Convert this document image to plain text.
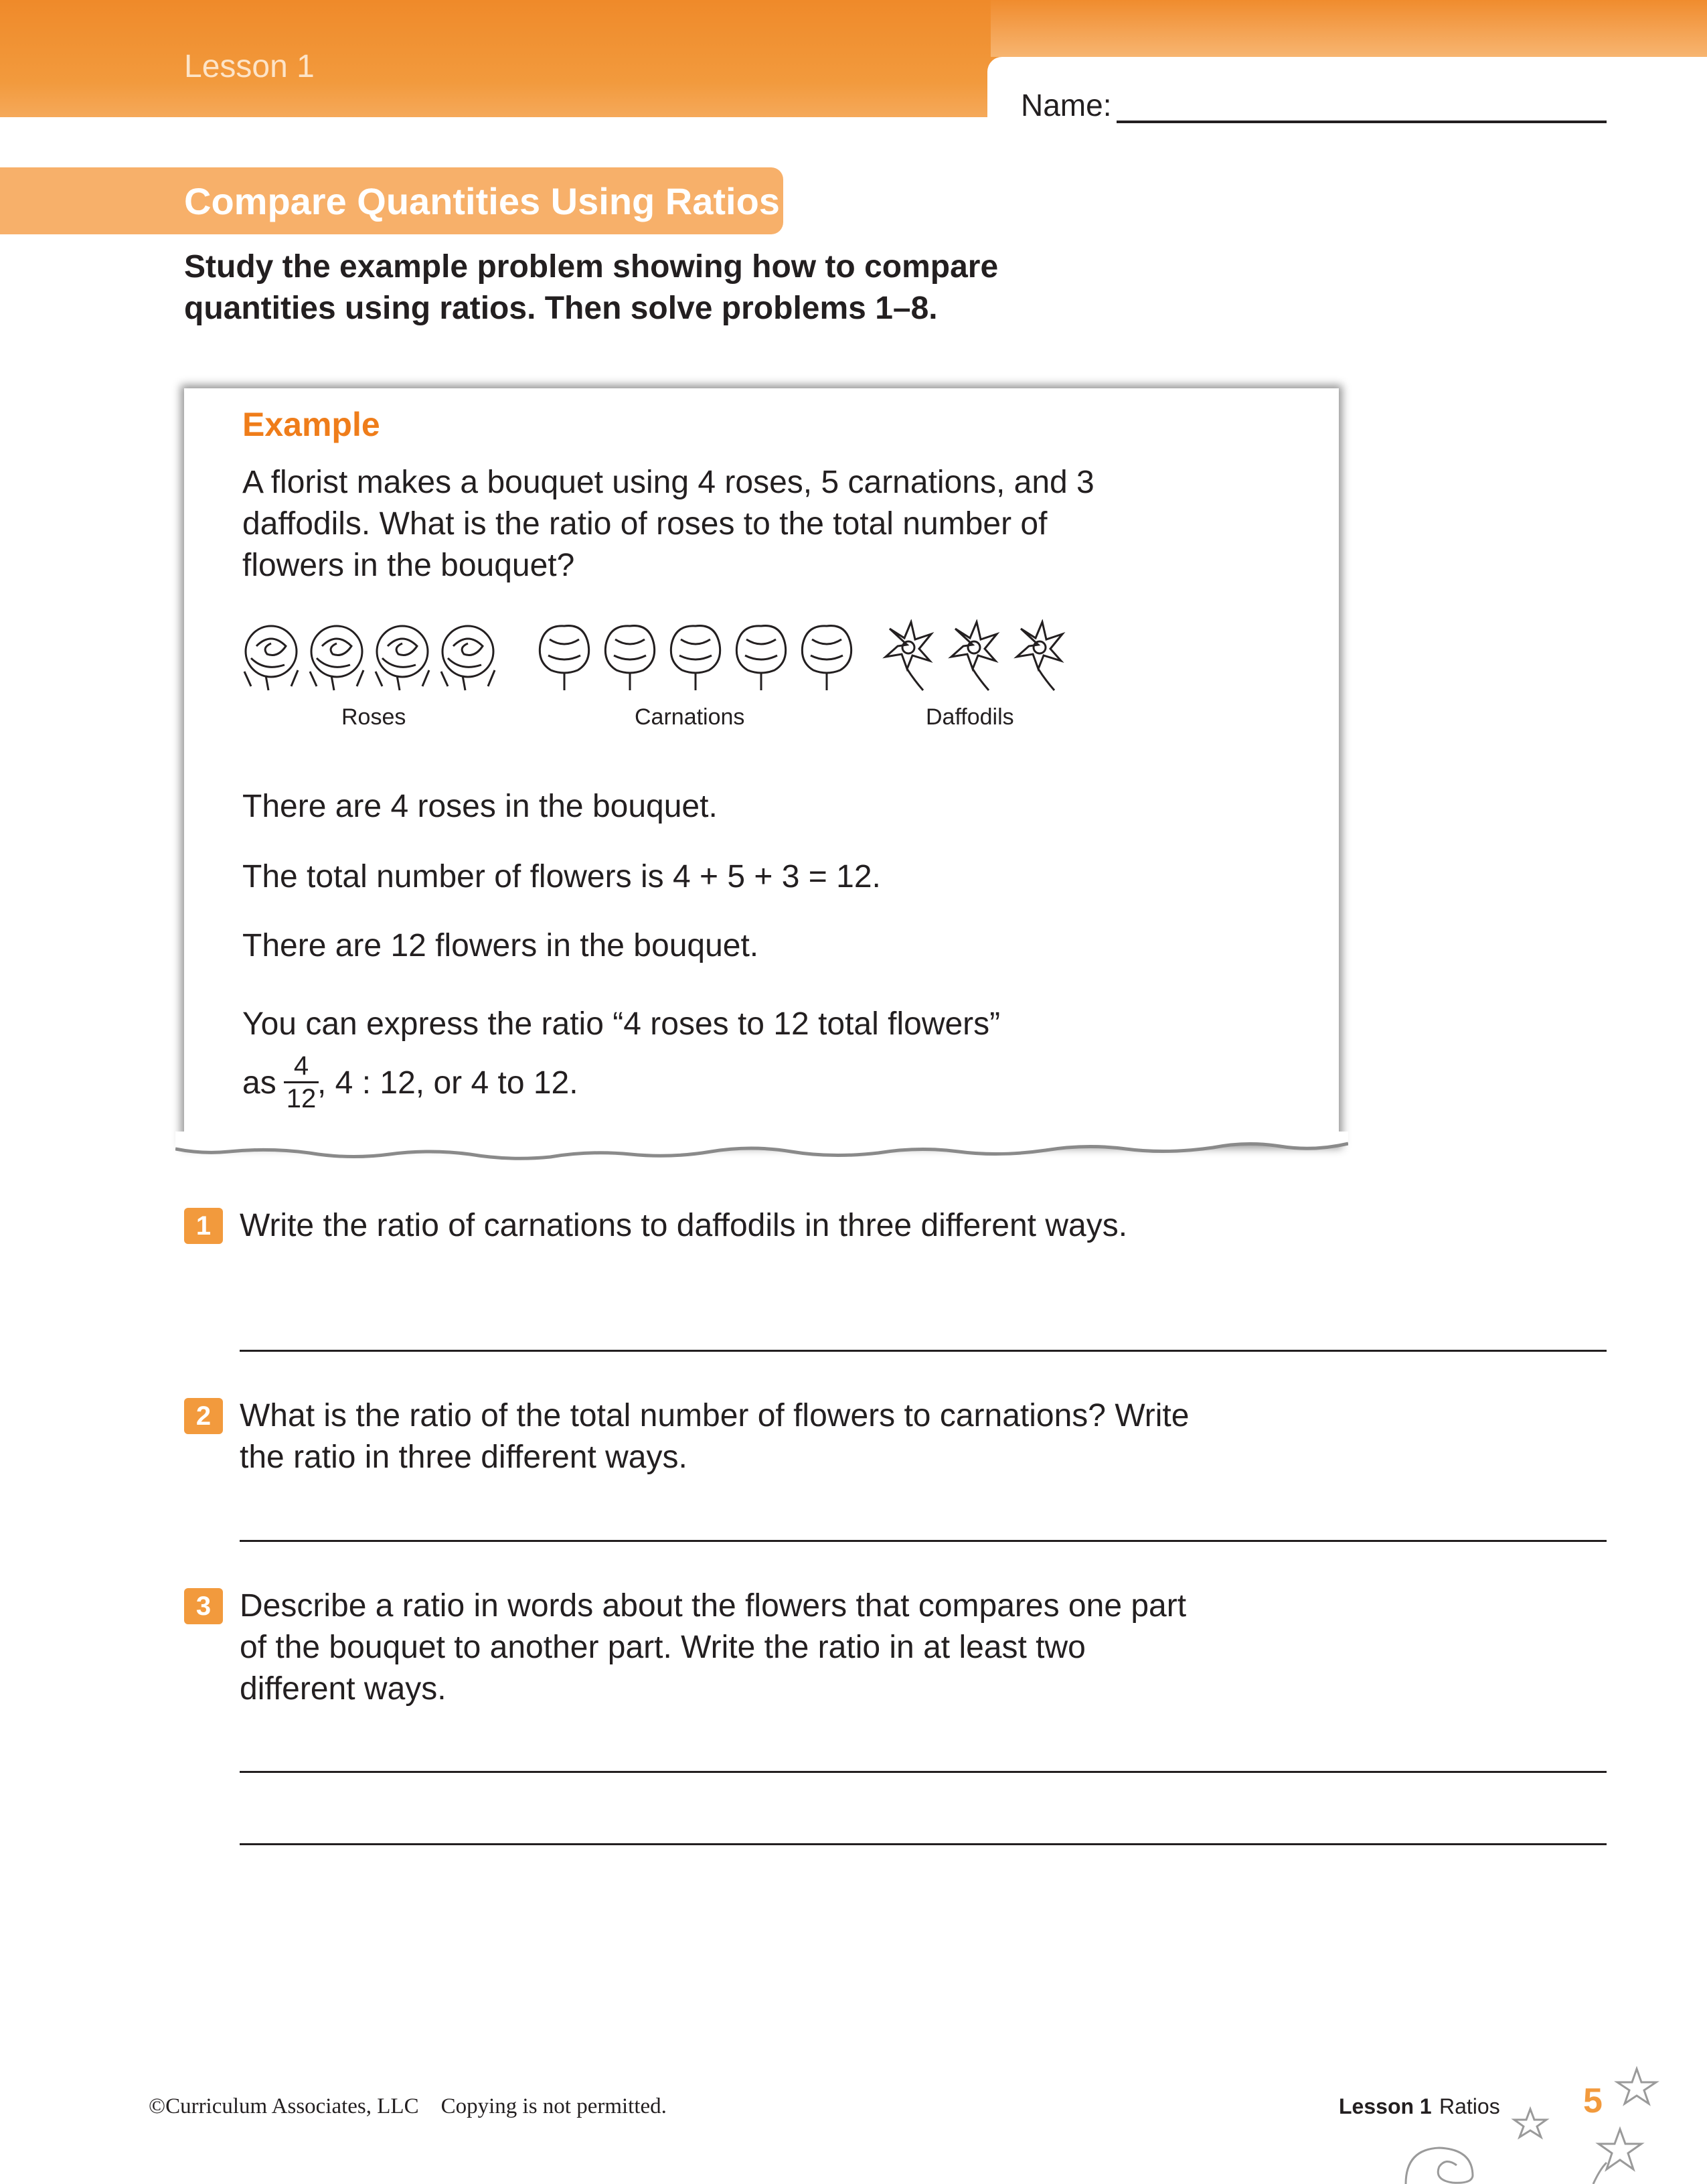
Lesson 1
Name:
Compare Quantities Using Ratios
Study the example problem showing how to compare quantities using ratios. Then solve problems 1–8.
Example
A florist makes a bouquet using 4 roses, 5 carnations, and 3 daffodils. What is the ratio of roses to the total number of flowers in the bouquet?
Roses	Carnations	Daffodils
There are 4 roses in the bouquet.
The total number of flowers is 4 + 5 + 3 = 12.
There are 12 flowers in the bouquet.
You can express the ratio “4 roses to 12 total flowers”
as 4
12 , 4 : 12, or 4 to 12.
1 Write the ratio of carnations to daffodils in three different ways.
2 What is the ratio of the total number of flowers to carnations? Write the ratio in three different ways.
3 Describe a ratio in words about the flowers that compares one part of the bouquet to another part. Write the ratio in at least two different ways.
©Curriculum Associates, LLC    Copying is not permitted.	Lesson 1 Ratios 5
